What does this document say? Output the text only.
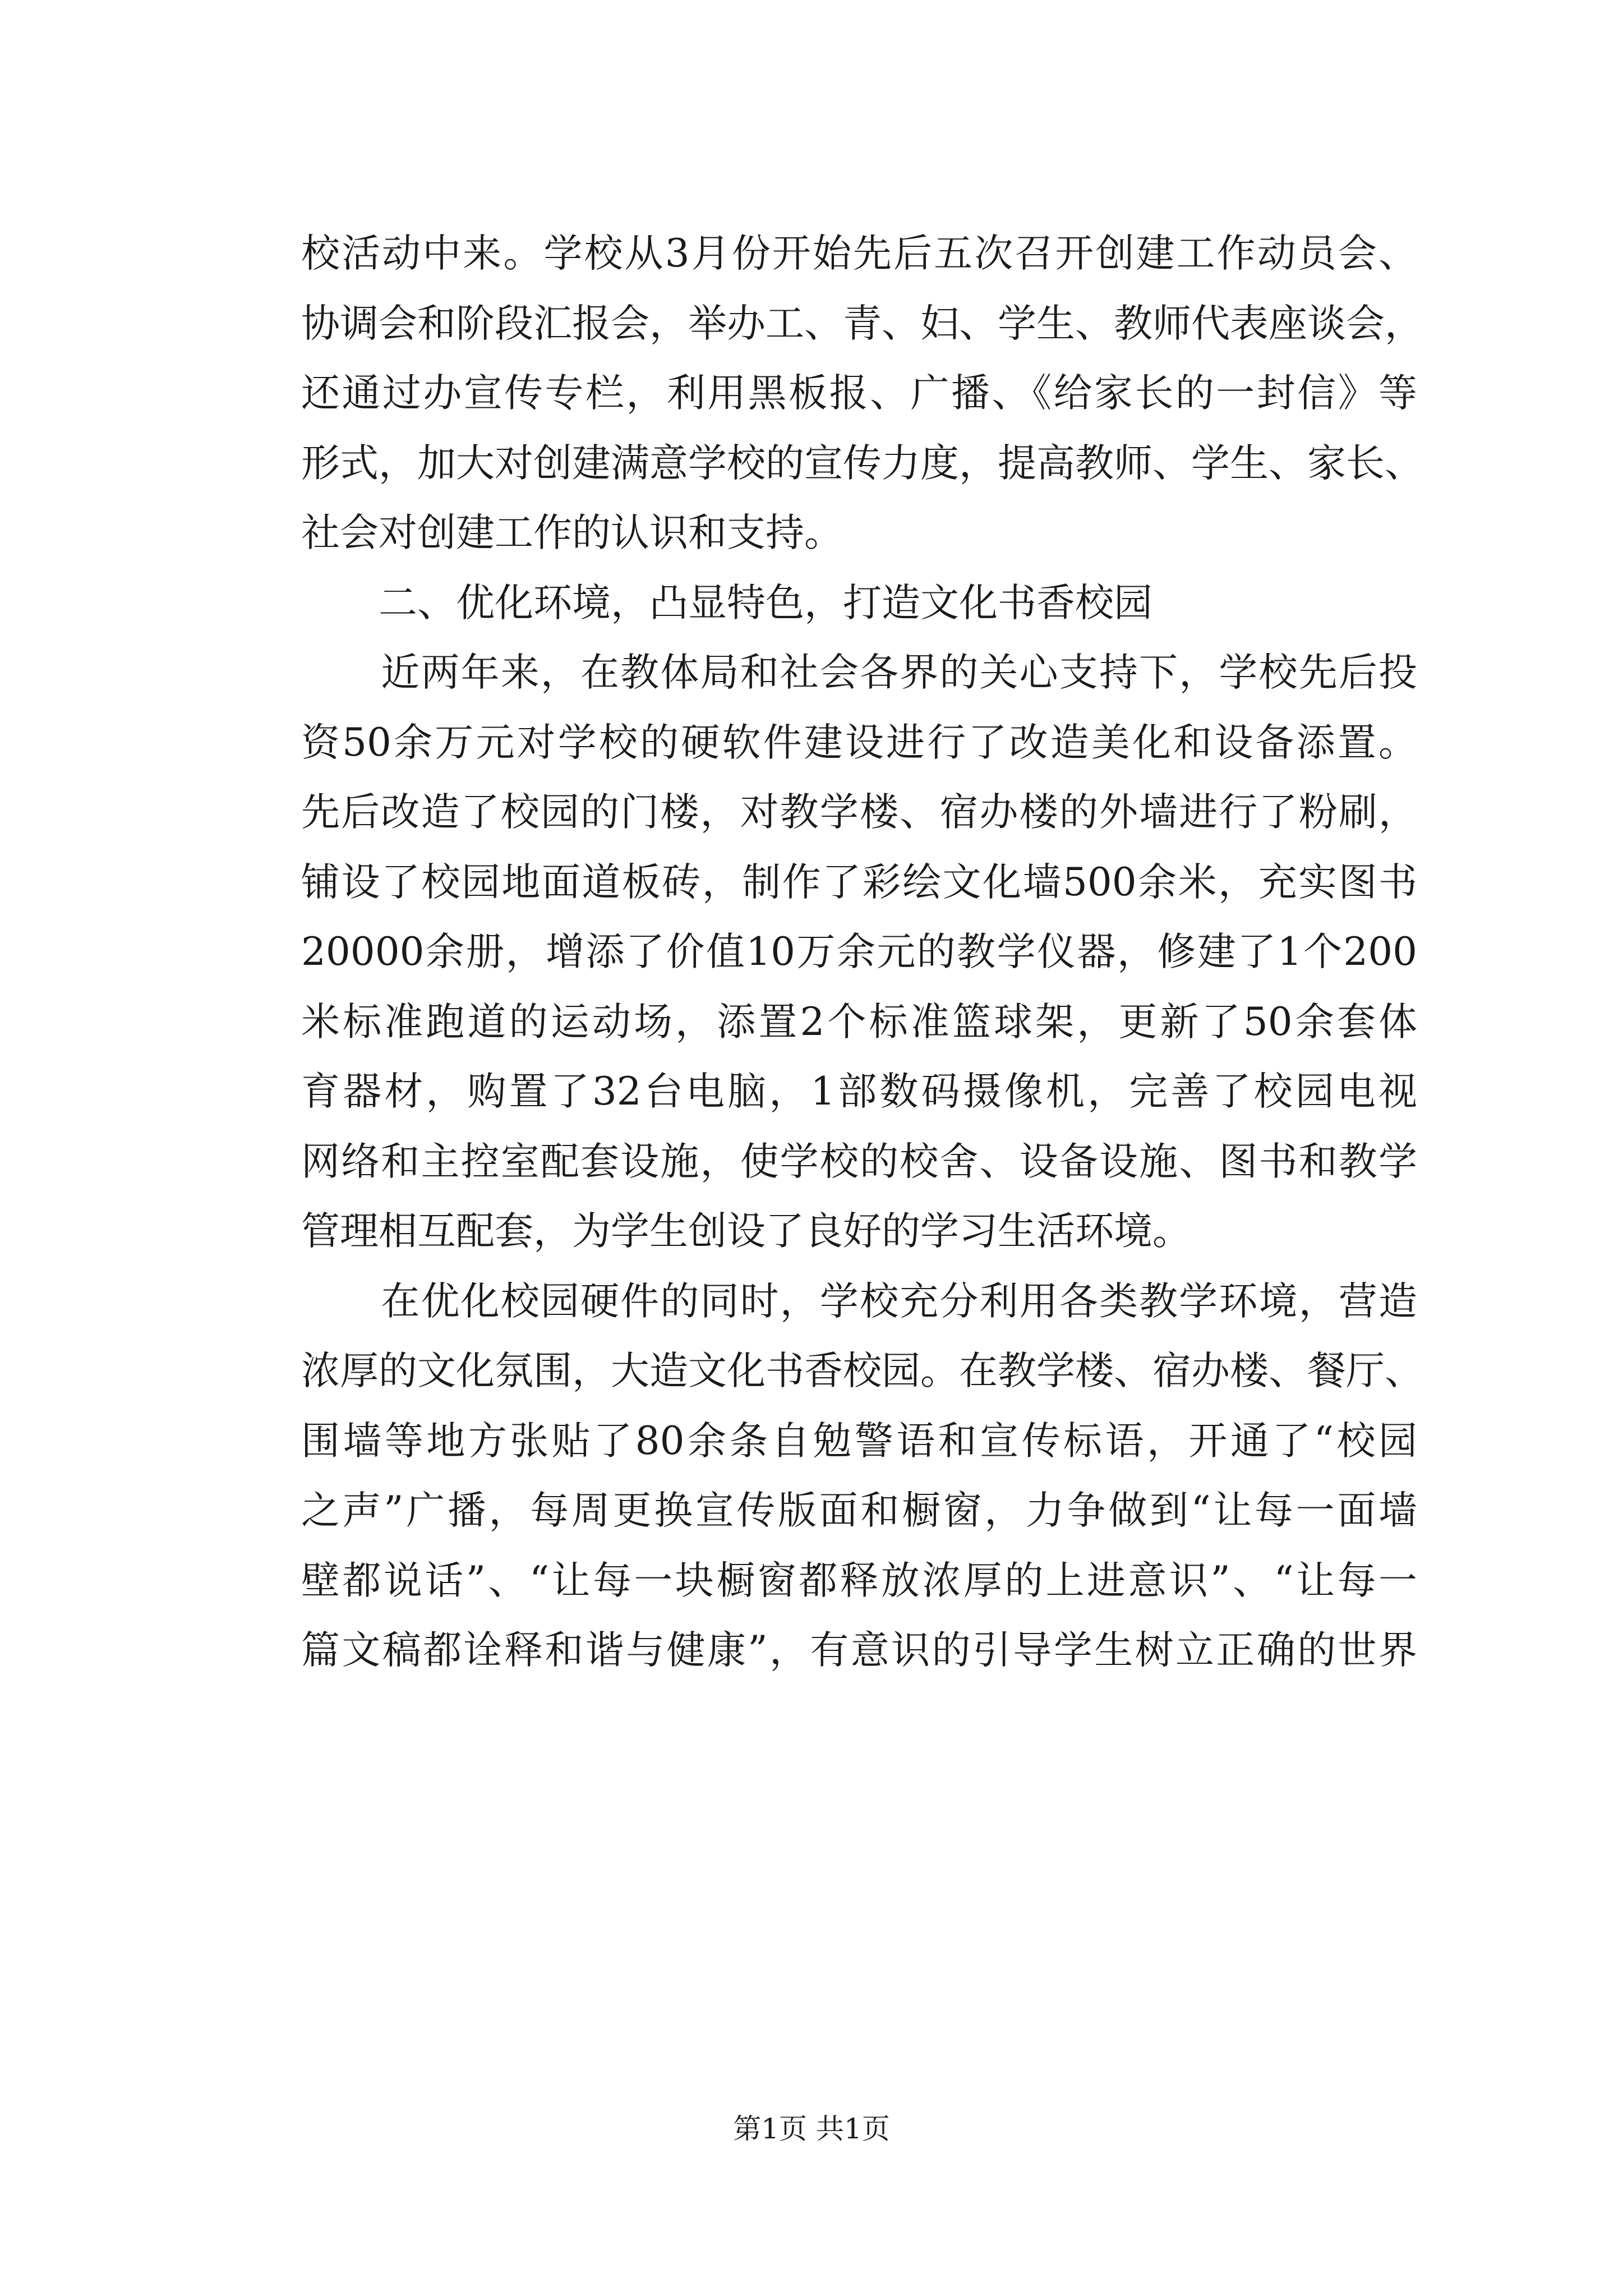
校活动中来。学校从3月份开始先后五次召开创建工作动员会、
协调会和阶段汇报会，举办工、青、妇、学生、教师代表座谈会，
还通过办宣传专栏，利用黑板报、广播、《给家长的一封信》等
形式，加大对创建满意学校的宣传力度，提高教师、学生、家长、
社会对创建工作的认识和支持。
　　二、优化环境，凸显特色，打造文化书香校园
　　近两年来，在教体局和社会各界的关心支持下，学校先后投
资50余万元对学校的硬软件建设进行了改造美化和设备添置。
先后改造了校园的门楼，对教学楼、宿办楼的外墙进行了粉刷，
铺设了校园地面道板砖，制作了彩绘文化墙500余米，充实图书
20000余册，增添了价值10万余元的教学仪器，修建了1个200
米标准跑道的运动场，添置2个标准篮球架，更新了50余套体
育器材，购置了32台电脑，1部数码摄像机，完善了校园电视
网络和主控室配套设施，使学校的校舍、设备设施、图书和教学
管理相互配套，为学生创设了良好的学习生活环境。
　　在优化校园硬件的同时，学校充分利用各类教学环境，营造
浓厚的文化氛围，大造文化书香校园。在教学楼、宿办楼、餐厅、
围墙等地方张贴了80余条自勉警语和宣传标语，开通了“校园
之声”广播，每周更换宣传版面和橱窗，力争做到“让每一面墙
壁都说话”、“让每一块橱窗都释放浓厚的上进意识”、“让每一
篇文稿都诠释和谐与健康”，有意识的引导学生树立正确的世界
第1页 共1页
